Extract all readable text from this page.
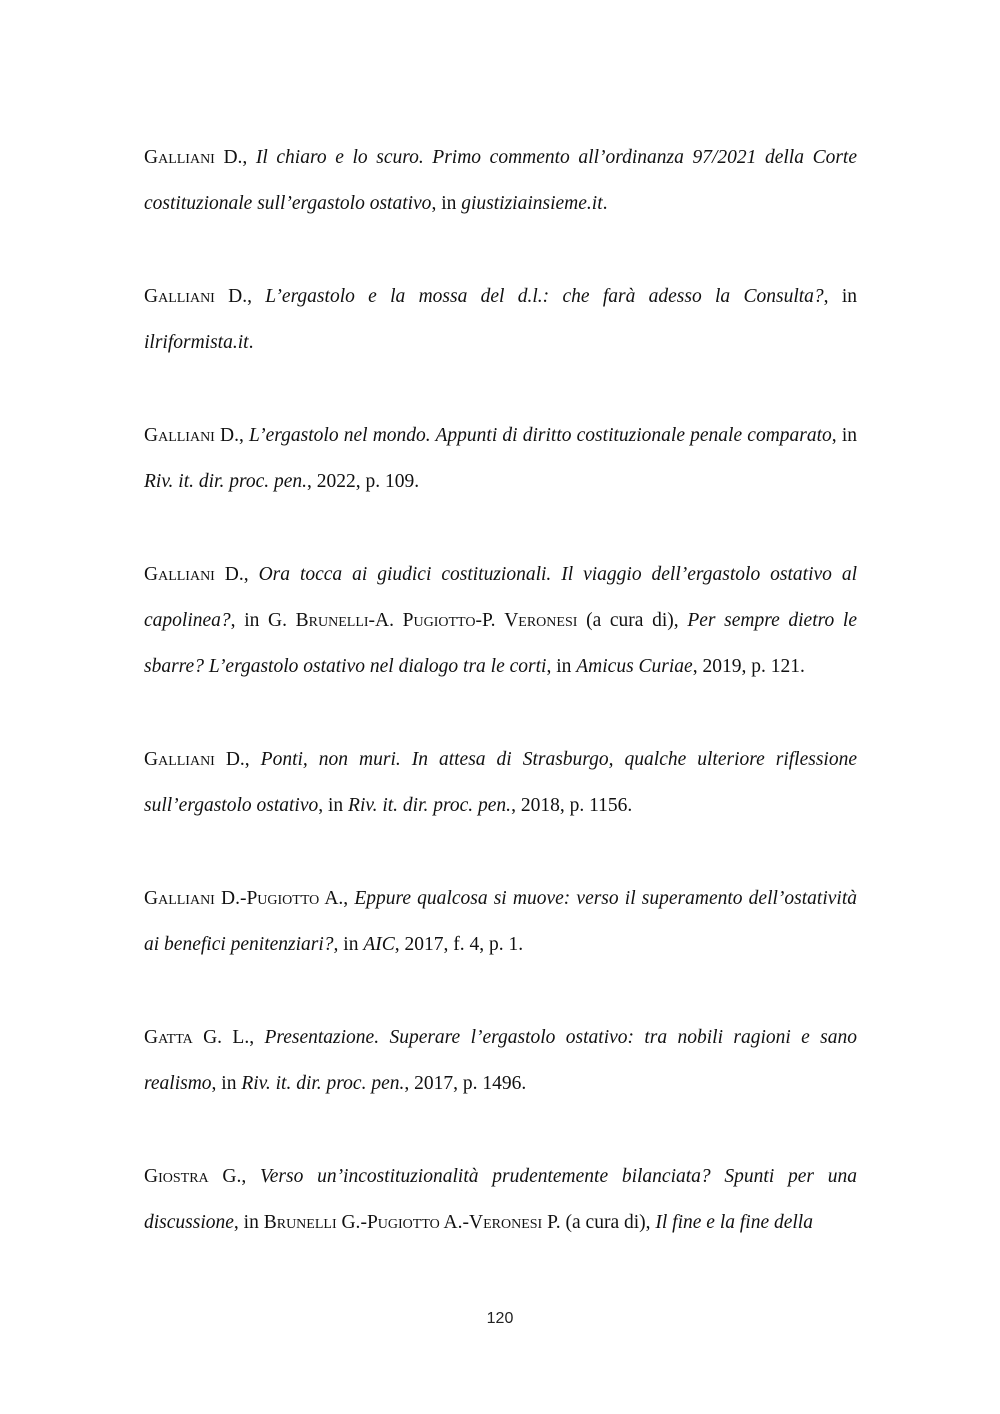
Galliani D., Il chiaro e lo scuro. Primo commento all’ordinanza 97/2021 della Corte costituzionale sull’ergastolo ostativo, in giustiziainsieme.it.

Galliani D., L’ergastolo e la mossa del d.l.: che farà adesso la Consulta?, in ilriformista.it.

Galliani D., L’ergastolo nel mondo. Appunti di diritto costituzionale penale comparato, in Riv. it. dir. proc. pen., 2022, p. 109.

Galliani D., Ora tocca ai giudici costituzionali. Il viaggio dell’ergastolo ostativo al capolinea?, in G. Brunelli-A. Pugiotto-P. Veronesi (a cura di), Per sempre dietro le sbarre? L’ergastolo ostativo nel dialogo tra le corti, in Amicus Curiae, 2019, p. 121.

Galliani D., Ponti, non muri. In attesa di Strasburgo, qualche ulteriore riflessione sull’ergastolo ostativo, in Riv. it. dir. proc. pen., 2018, p. 1156.

Galliani D.-Pugiotto A., Eppure qualcosa si muove: verso il superamento dell’ostatività ai benefici penitenziari?, in AIC, 2017, f. 4, p. 1.

Gatta G. L., Presentazione. Superare l’ergastolo ostativo: tra nobili ragioni e sano realismo, in Riv. it. dir. proc. pen., 2017, p. 1496.

Giostra G., Verso un’incostituzionalità prudentemente bilanciata? Spunti per una discussione, in Brunelli G.-Pugiotto A.-Veronesi P. (a cura di), Il fine e la fine della

120
